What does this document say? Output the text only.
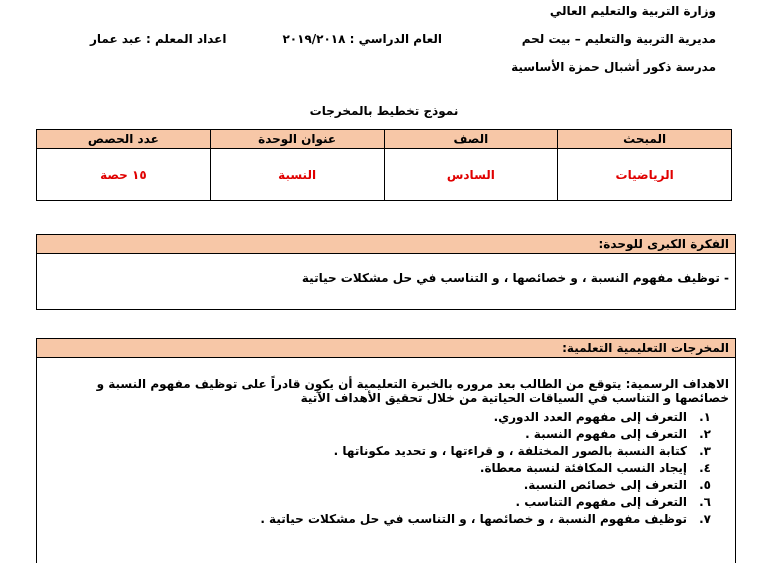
وزارة التربية والتعليم العالي
مديرية التربية والتعليم – بيت لحم
مدرسة ذكور أشبال حمزة الأساسية
العام الدراسي : ٢٠١٩/٢٠١٨
اعداد المعلم : عبد عمار
نموذج تخطيط بالمخرجات
المبحث
الصف
عنوان الوحدة
عدد الحصص
الرياضيات
السادس
النسبة
١٥ حصة
الفكرة الكبرى للوحدة:
- توظيف مفهوم النسبة ، و خصائصها ، و التناسب في حل مشكلات حياتية
المخرجات التعليمية التعلمية:
الاهداف الرسمية: يتوقع من الطالب بعد مروره بالخبرة التعليمية أن يكون قادراً على توظيف مفهوم النسبة و خصائصها و التناسب في السياقات الحياتية من خلال تحقيق الأهداف الآتية
١.التعرف إلى مفهوم العدد الدوري.
٢.التعرف إلى مفهوم النسبة .
٣.كتابة النسبة بالصور المختلفة ، و قراءتها ، و تحديد مكوناتها .
٤.إيجاد النسب المكافئة لنسبة معطاة.
٥.التعرف إلى خصائص النسبة.
٦.التعرف إلى مفهوم التناسب .
٧.توظيف مفهوم النسبة ، و خصائصها ، و التناسب في حل مشكلات حياتية .
